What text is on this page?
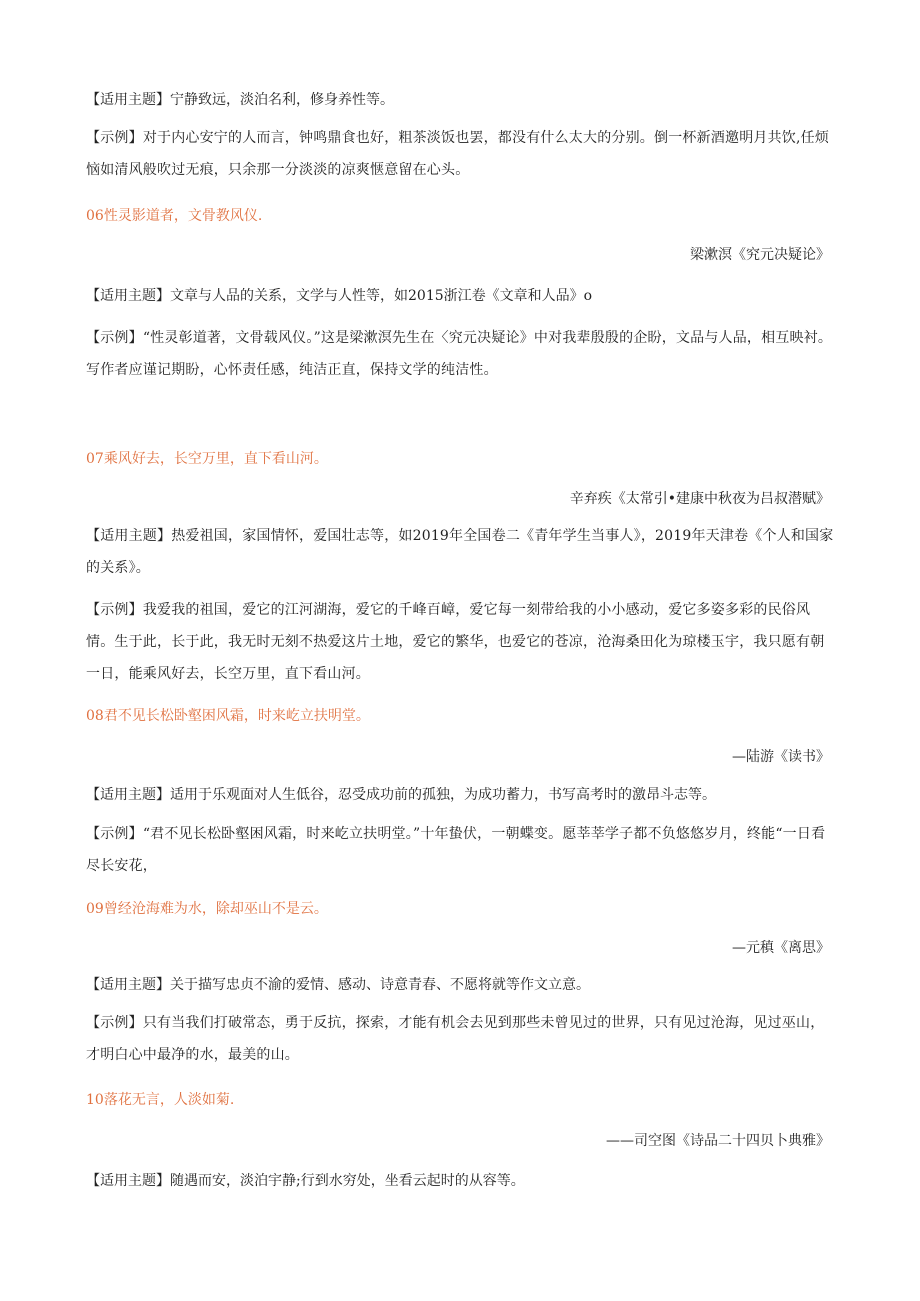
【适用主题】宁静致远，淡泊名利，修身养性等。
【示例】对于内心安宁的人而言，钟鸣鼎食也好，粗茶淡饭也罢，都没有什么太大的分别。倒一杯新酒邀明月共饮,任烦恼如清风般吹过无痕，只余那一分淡淡的凉爽惬意留在心头。
06性灵影道者，文骨教风仪.
梁漱溟《究元决疑论》
【适用主题】文章与人品的关系，文学与人性等，如2015浙江卷《文章和人品》o
【示例】“性灵彰道著，文骨载风仪。”这是梁漱溟先生在〈究元决疑论》中对我辈殷殷的企盼，文品与人品，相互映衬。写作者应谨记期盼，心怀责任感，纯洁正直，保持文学的纯洁性。
07乘风好去，长空万里，直下看山河。
辛弃疾《太常引•建康中秋夜为吕叔潜赋》
【适用主题】热爱祖国，家国情怀，爱国壮志等，如2019年全国卷二《青年学生当事人》，2019年天津卷《个人和国家的关系》。
【示例】我爱我的祖国，爱它的江河湖海，爱它的千峰百嶂，爱它每一刻带给我的小小感动，爱它多姿多彩的民俗风情。生于此，长于此，我无时无刻不热爱这片土地，爱它的繁华，也爱它的苍凉，沧海桑田化为琼楼玉宇，我只愿有朝一日，能乘风好去，长空万里，直下看山河。
08君不见长松卧壑困风霜，时来屹立扶明堂。
—陆游《读书》
【适用主题】适用于乐观面对人生低谷，忍受成功前的孤独，为成功蓄力，书写高考时的激昂斗志等。
【示例】“君不见长松卧壑困风霜，时来屹立扶明堂。”十年蛰伏，一朝蝶变。愿莘莘学子都不负悠悠岁月，终能“一日看尽长安花，
09曾经沧海难为水，除却巫山不是云。
—元稹《离思》
【适用主题】关于描写忠贞不渝的爱情、感动、诗意青春、不愿将就等作文立意。
【示例】只有当我们打破常态，勇于反抗，探索，才能有机会去见到那些未曾见过的世界，只有见过沧海，见过巫山，才明白心中最净的水，最美的山。
10落花无言，人淡如菊.
——司空图《诗品二十四贝卜典雅》
【适用主题】随遇而安，淡泊宇静;行到水穷处，坐看云起时的从容等。
